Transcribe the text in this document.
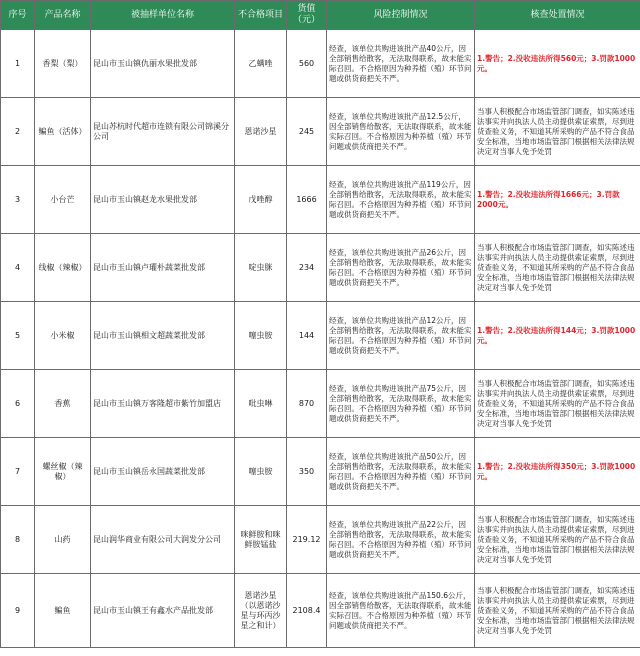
序号	产品名称	被抽样单位名称	不合格项目	货值（元）	风险控制情况	核查处置情况
1	香梨（梨）	昆山市玉山镇仇丽水果批发部	乙螨唑	560	经查，该单位共购进该批产品40公斤，因全部销售给散客，无法取得联系，故未能实际召回。不合格原因为种养植（殖）环节问题或供货商把关不严。	1.警告；2.没收违法所得560元；3.罚款1000元。
2	鳊鱼（活体）	昆山苏杭时代超市连锁有限公司锦溪分公司	恩诺沙星	245	经查，该单位共购进该批产品12.5公斤，因全部销售给散客，无法取得联系，故未能实际召回。不合格原因为种养植（殖）环节问题或供货商把关不严。	当事人积极配合市场监管部门调查，如实陈述违法事实并向执法人员主动提供索证索票，尽到进货查验义务，不知道其所采购的产品不符合食品安全标准，当地市场监管部门根据相关法律法规决定对当事人免予处罚
3	小台芒	昆山市玉山镇赵龙水果批发部	戊唑醇	1666	经查，该单位共购进该批产品119公斤，因全部销售给散客，无法取得联系，故未能实际召回。不合格原因为种养植（殖）环节问题或供货商把关不严。	1.警告；2.没收违法所得1666元；3.罚款2000元。
4	线椒（辣椒）	昆山市玉山镇卢瓘朴蔬菜批发部	啶虫脒	234	经查，该单位共购进该批产品26公斤，因全部销售给散客，无法取得联系，故未能实际召回。不合格原因为种养植（殖）环节问题或供货商把关不严。	当事人积极配合市场监管部门调查，如实陈述违法事实并向执法人员主动提供索证索票，尽到进货查验义务，不知道其所采购的产品不符合食品安全标准，当地市场监管部门根据相关法律法规决定对当事人免予处罚
5	小米椒	昆山市玉山镇相文超蔬菜批发部	噻虫胺	144	经查，该单位共购进该批产品12公斤，因全部销售给散客，无法取得联系，故未能实际召回。不合格原因为种养植（殖）环节问题或供货商把关不严。	1.警告；2.没收违法所得144元；3.罚款1000元。
6	香蕉	昆山市玉山镇万客隆超市紫竹加盟店	吡虫啉	870	经查，该单位共购进该批产品75公斤，因全部销售给散客，无法取得联系，故未能实际召回。不合格原因为种养植（殖）环节问题或供货商把关不严。	当事人积极配合市场监管部门调查，如实陈述违法事实并向执法人员主动提供索证索票，尽到进货查验义务，不知道其所采购的产品不符合食品安全标准，当地市场监管部门根据相关法律法规决定对当事人免予处罚
7	螺丝椒（辣椒）	昆山市玉山镇岳永国蔬菜批发部	噻虫胺	350	经查，该单位共购进该批产品50公斤，因全部销售给散客，无法取得联系，故未能实际召回。不合格原因为种养植（殖）环节问题或供货商把关不严。	1.警告；2.没收违法所得350元；3.罚款1000元。
8	山药	昆山润华商业有限公司大润发分公司	咪鲜胺和咪鲜胺锰盐	219.12	经查，该单位共购进该批产品22公斤，因全部销售给散客，无法取得联系，故未能实际召回。不合格原因为种养植（殖）环节问题或供货商把关不严。	当事人积极配合市场监管部门调查，如实陈述违法事实并向执法人员主动提供索证索票，尽到进货查验义务，不知道其所采购的产品不符合食品安全标准，当地市场监管部门根据相关法律法规决定对当事人免予处罚
9	鳊鱼	昆山市玉山镇王有鑫水产品批发部	恩诺沙星（以恩诺沙星与环丙沙星之和计）	2108.4	经查，该单位共购进该批产品150.6公斤，因全部销售给散客，无法取得联系，故未能实际召回。不合格原因为种养植（殖）环节问题或供货商把关不严。	当事人积极配合市场监管部门调查，如实陈述违法事实并向执法人员主动提供索证索票，尽到进货查验义务，不知道其所采购的产品不符合食品安全标准，当地市场监管部门根据相关法律法规决定对当事人免予处罚
